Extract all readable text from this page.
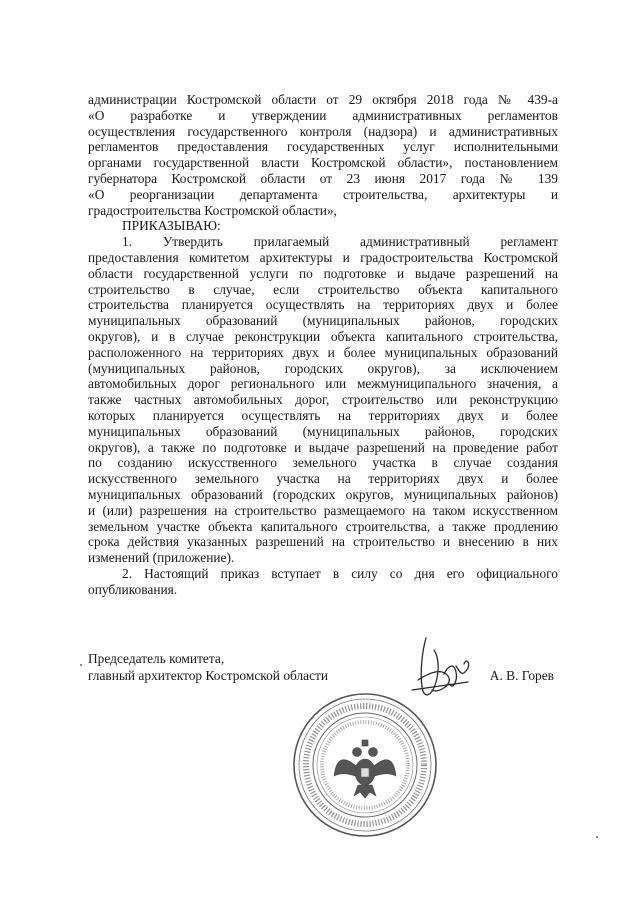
администрации Костромской области от 29 октября 2018 года № 439-а
«О разработке и утверждении административных регламентов
осуществления государственного контроля (надзора) и административных
регламентов предоставления государственных услуг исполнительными
органами государственной власти Костромской области», постановлением
губернатора Костромской области от 23 июня 2017 года № 139
«О реорганизации департамента строительства, архитектуры и
градостроительства Костромской области»,
ПРИКАЗЫВАЮ:
1. Утвердить прилагаемый административный регламент
предоставления комитетом архитектуры и градостроительства Костромской
области государственной услуги по подготовке и выдаче разрешений на
строительство в случае, если строительство объекта капитального
строительства планируется осуществлять на территориях двух и более
муниципальных образований (муниципальных районов, городских
округов), и в случае реконструкции объекта капитального строительства,
расположенного на территориях двух и более муниципальных образований
(муниципальных районов, городских округов), за исключением
автомобильных дорог регионального или межмуниципального значения, а
также частных автомобильных дорог, строительство или реконструкцию
которых планируется осуществлять на территориях двух и более
муниципальных образований (муниципальных районов, городских
округов), а также по подготовке и выдаче разрешений на проведение работ
по созданию искусственного земельного участка в случае создания
искусственного земельного участка на территориях двух и более
муниципальных образований (городских округов, муниципальных районов)
и (или) разрешения на строительство размещаемого на таком искусственном
земельном участке объекта капитального строительства, а также продлению
срока действия указанных разрешений на строительство и внесению в них
изменений (приложение).
2. Настоящий приказ вступает в силу со дня его официального
опубликования.
Председатель комитета,
главный архитектор Костромской области	А. В. Горев
